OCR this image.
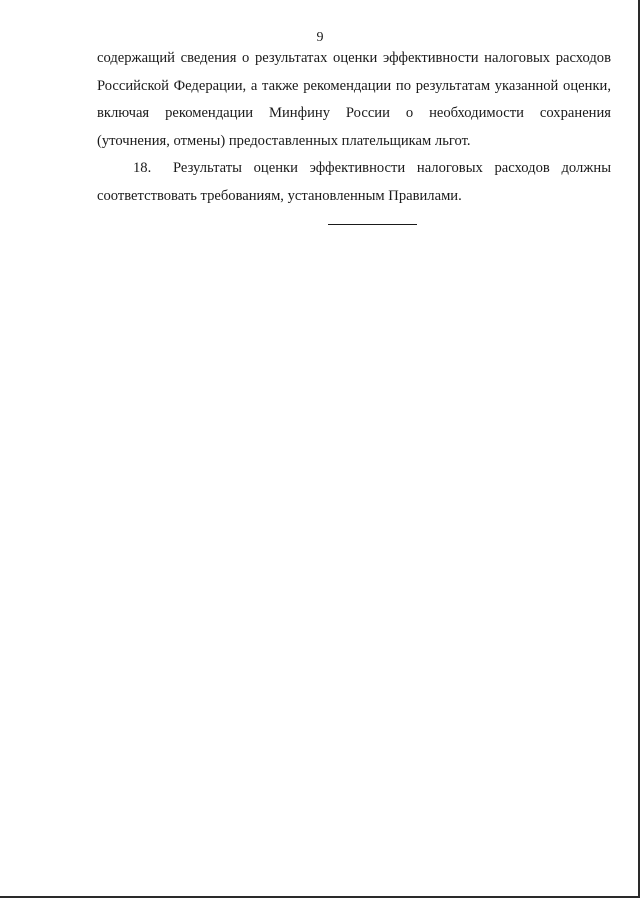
9
содержащий сведения о результатах оценки эффективности налоговых расходов
Российской Федерации, а также рекомендации по результатам указанной оценки,
включая рекомендации Минфину России о необходимости сохранения
(уточнения, отмены) предоставленных плательщикам льгот.
18.	Результаты оценки эффективности налоговых расходов должны
соответствовать требованиям, установленным Правилами.
